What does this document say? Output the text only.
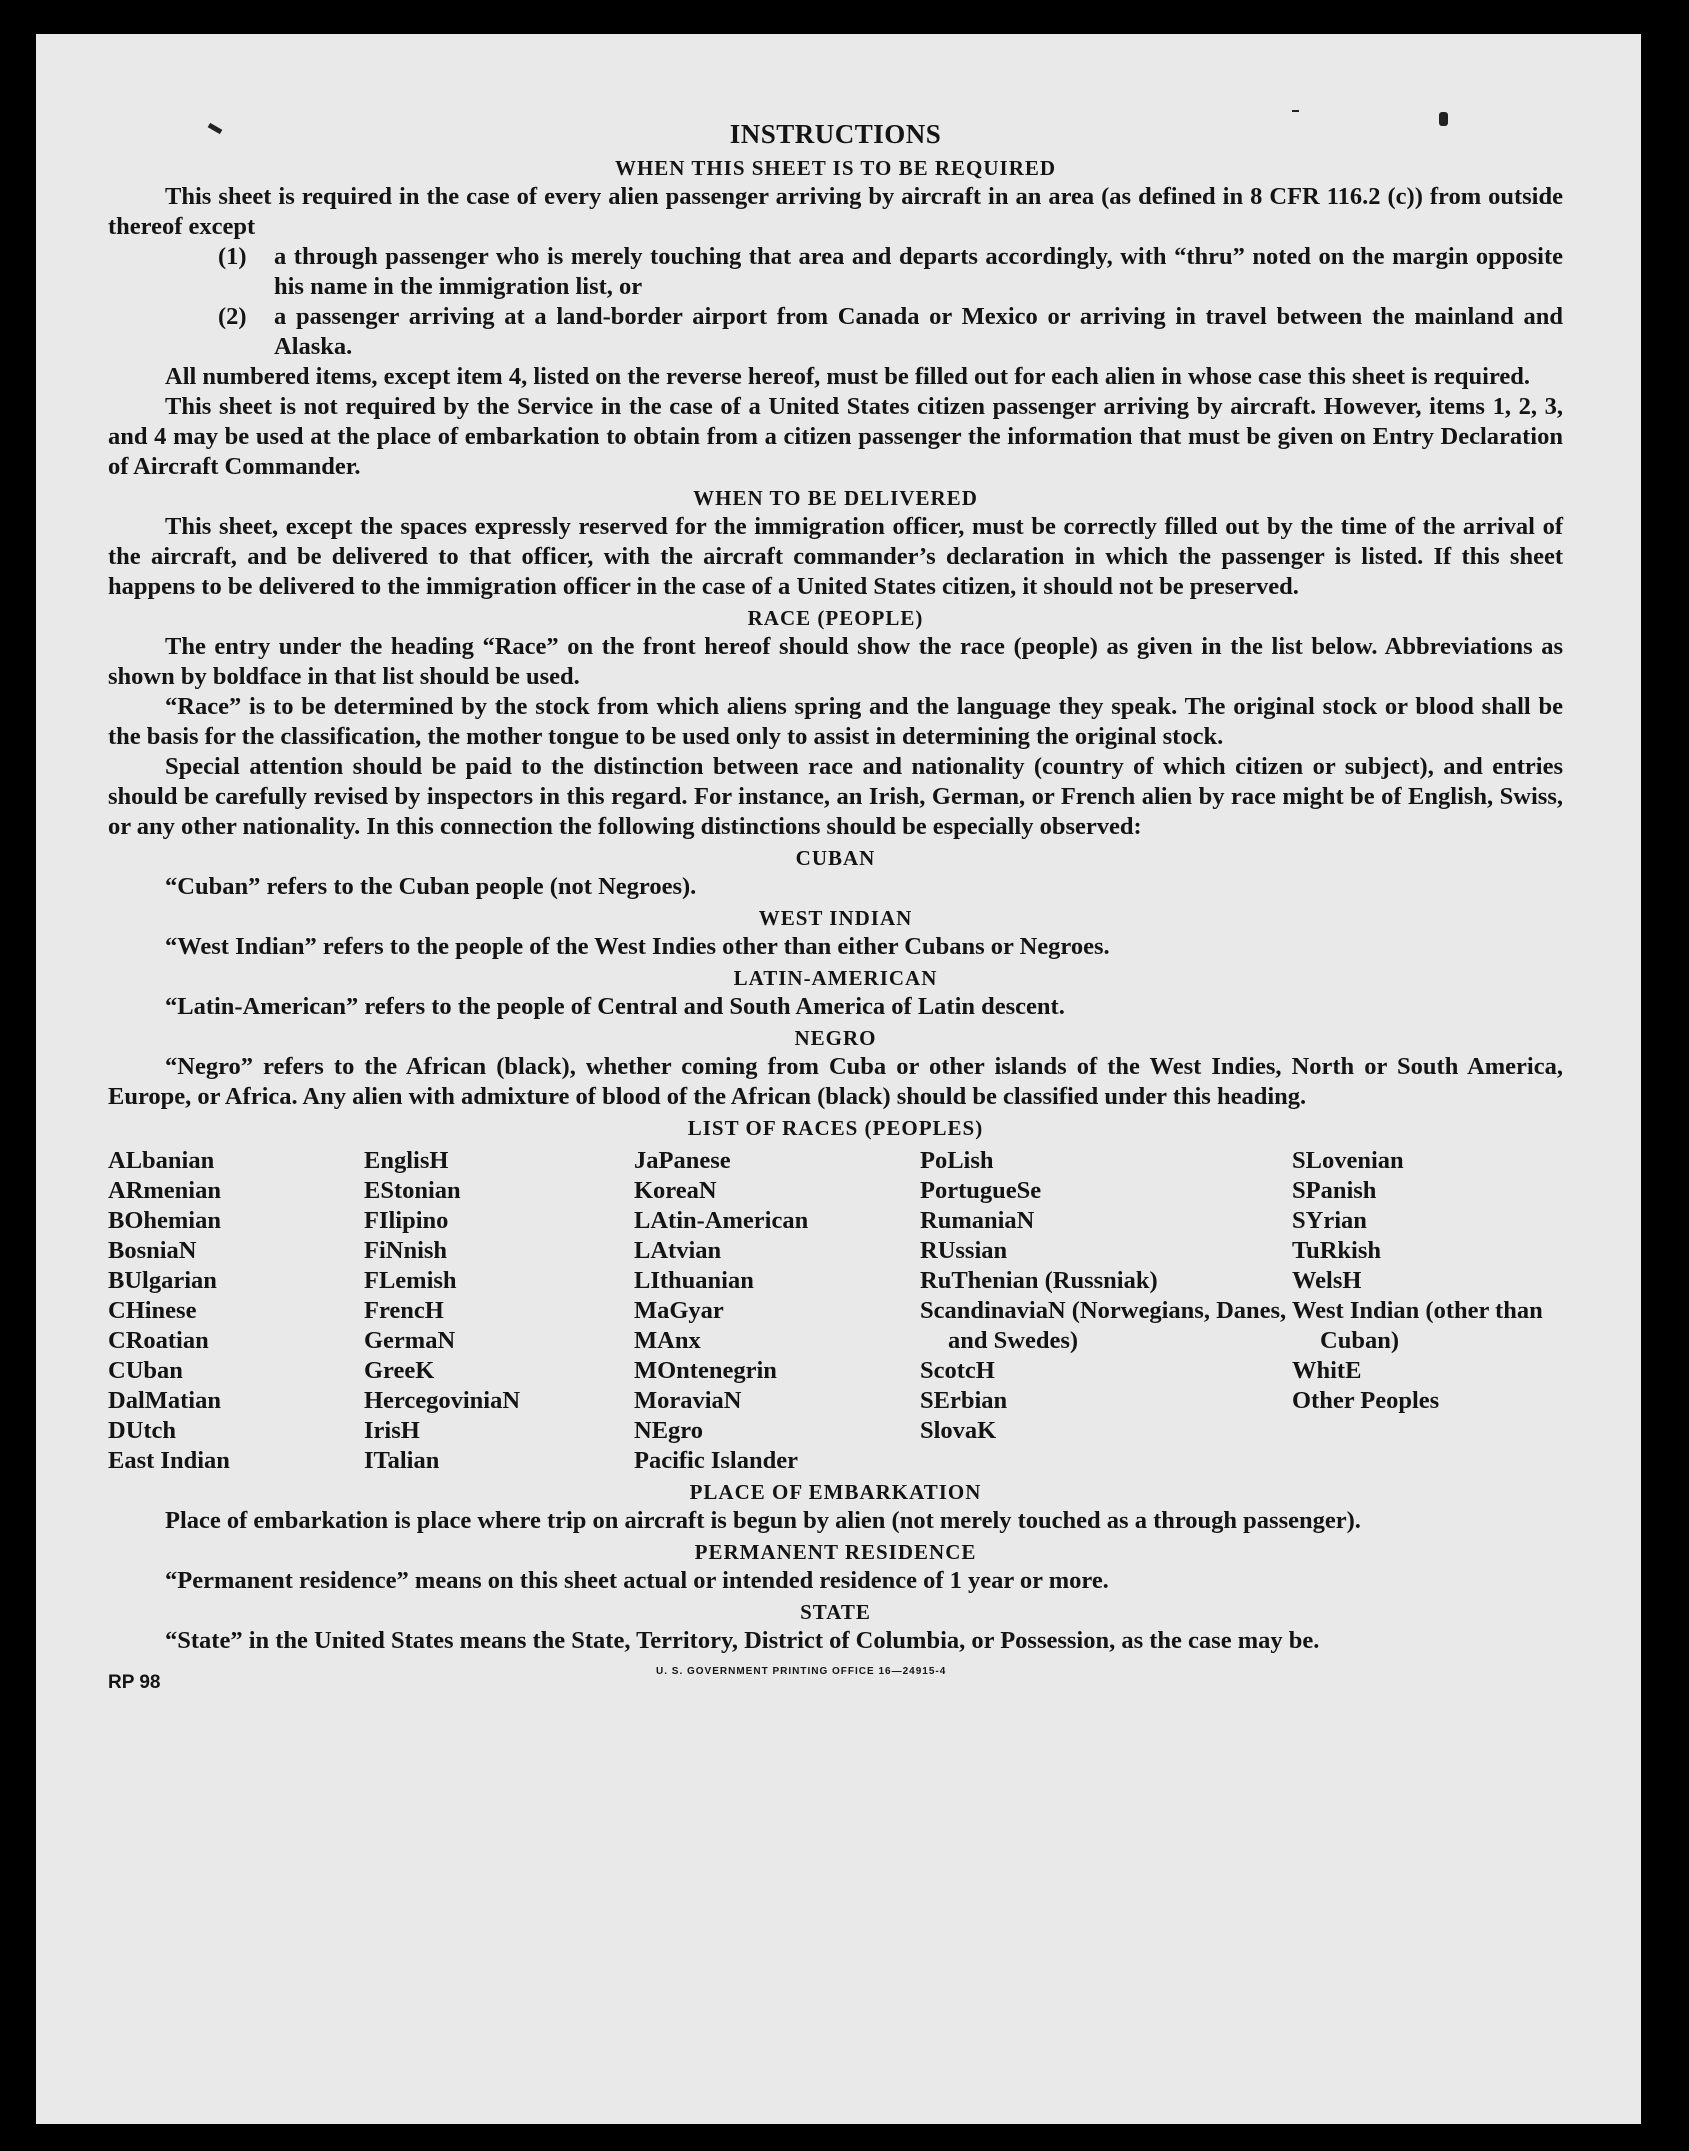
INSTRUCTIONS
WHEN THIS SHEET IS TO BE REQUIRED

This sheet is required in the case of every alien passenger arriving by aircraft in an area (as defined in 8 CFR 116.2 (c)) from outside thereof except

(1)	a through passenger who is merely touching that area and departs accordingly, with “thru” noted on the margin opposite his name in the immigration list, or
(2)	a passenger arriving at a land-border airport from Canada or Mexico or arriving in travel between the mainland and Alaska.

All numbered items, except item 4, listed on the reverse hereof, must be filled out for each alien in whose case this sheet is required.

This sheet is not required by the Service in the case of a United States citizen passenger arriving by aircraft. However, items 1, 2, 3, and 4 may be used at the place of embarkation to obtain from a citizen passenger the information that must be given on Entry Declaration of Aircraft Commander.

WHEN TO BE DELIVERED

This sheet, except the spaces expressly reserved for the immigration officer, must be correctly filled out by the time of the arrival of the aircraft, and be delivered to that officer, with the aircraft commander’s declaration in which the passenger is listed. If this sheet happens to be delivered to the immigration officer in the case of a United States citizen, it should not be preserved.

RACE (PEOPLE)

The entry under the heading “Race” on the front hereof should show the race (people) as given in the list below. Abbreviations as shown by boldface in that list should be used.

“Race” is to be determined by the stock from which aliens spring and the language they speak. The original stock or blood shall be the basis for the classification, the mother tongue to be used only to assist in determining the original stock.

Special attention should be paid to the distinction between race and nationality (country of which citizen or subject), and entries should be carefully revised by inspectors in this regard. For instance, an Irish, German, or French alien by race might be of English, Swiss, or any other nationality. In this connection the following distinctions should be especially observed:

CUBAN

“Cuban” refers to the Cuban people (not Negroes).

WEST INDIAN

“West Indian” refers to the people of the West Indies other than either Cubans or Negroes.

LATIN-AMERICAN

“Latin-American” refers to the people of Central and South America of Latin descent.

NEGRO

“Negro” refers to the African (black), whether coming from Cuba or other islands of the West Indies, North or South America, Europe, or Africa. Any alien with admixture of blood of the African (black) should be classified under this heading.

LIST OF RACES (PEOPLES)
ALbanian
ARmenian
BOhemian
BosniaN
BUlgarian
CHinese
CRoatian
CUban
DalMatian
DUtch
East Indian
EnglisH
EStonian
FIlipino
FiNnish
FLemish
FrencH
GermaN
GreeK
HercegoviniaN
IrisH
ITalian
JaPanese
KoreaN
LAtin-American
LAtvian
LIthuanian
MaGyar
MAnx
MOntenegrin
MoraviaN
NEgro
Pacific Islander
PoLish
PortugueSe
RumaniaN
RUssian
RuThenian (Russniak)
ScandinaviaN (Norwegians, Danes, and Swedes)
ScotcH
SErbian
SlovaK
SLovenian
SPanish
SYrian
TuRkish
WelsH
West Indian (other than Cuban)
WhitE
Other Peoples
PLACE OF EMBARKATION

Place of embarkation is place where trip on aircraft is begun by alien (not merely touched as a through passenger).

PERMANENT RESIDENCE

“Permanent residence” means on this sheet actual or intended residence of 1 year or more.

STATE

“State” in the United States means the State, Territory, District of Columbia, or Possession, as the case may be.

RP 98
U. S. GOVERNMENT PRINTING OFFICE 16—24915-4
